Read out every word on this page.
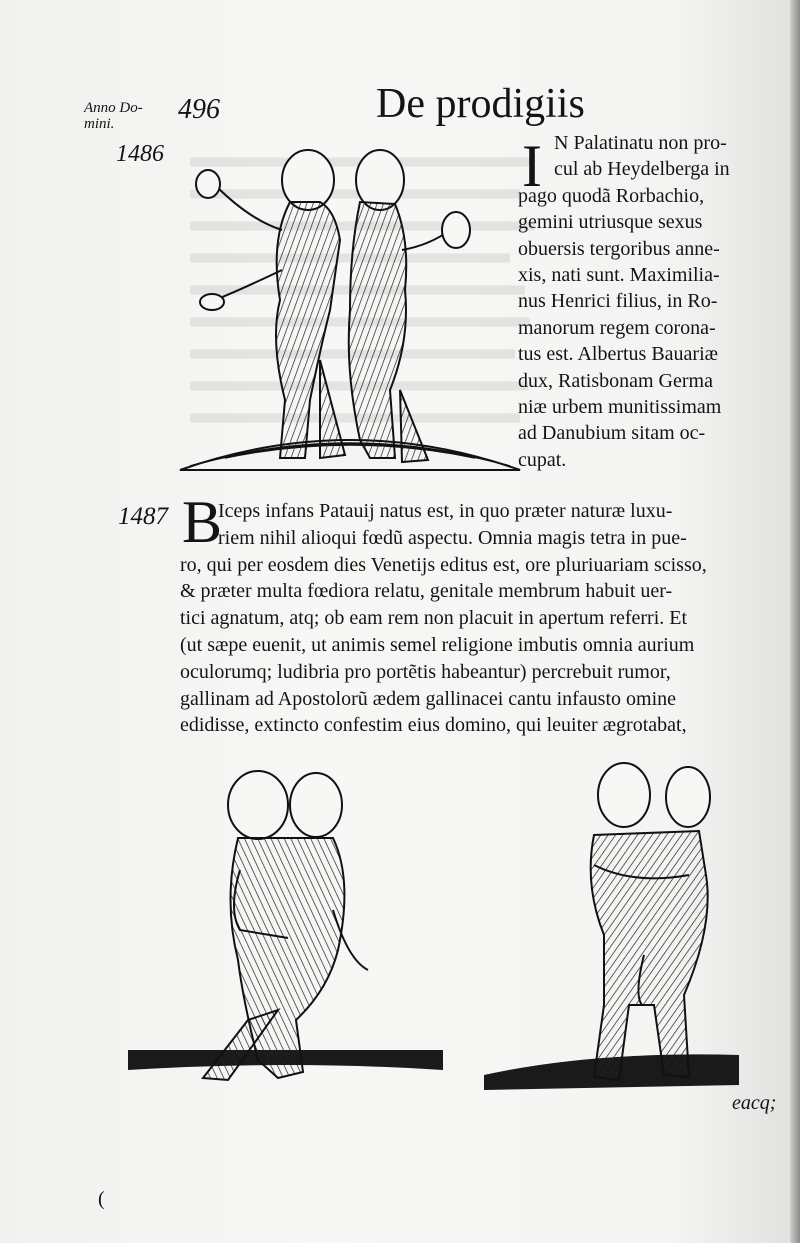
Anno Do-
mini.
1486
1487
496	De prodigiis
I N Palatinatu non pro-
cul ab Heydelberga in
pago quodã Rorbachio,
gemini utriusque sexus
obuersis tergoribus anne-
xis, nati sunt. Maximilia-
nus Henrici filius, in Ro-
manorum regem corona-
tus est. Albertus Bauariæ
dux, Ratisbonam Germa
niæ urbem munitissimam
ad Danubium sitam oc-
cupat.
B
Iceps infans Patauij natus est, in quo præter naturæ luxu-
riem nihil alioqui fœdũ aspectu. Omnia magis tetra in pue-
ro, qui per eosdem dies Venetijs editus est, ore pluriuariam scisso,
& præter multa fœdiora relatu, genitale membrum habuit uer-
tici agnatum, atq; ob eam rem non placuit in apertum referri. Et
(ut sæpe euenit, ut animis semel religione imbutis omnia aurium
oculorumq; ludibria pro portẽtis habeantur) percrebuit rumor,
gallinam ad Apostolorũ ædem gallinacei cantu infausto omine
edidisse, extincto confestim eius domino, qui leuiter ægrotabat,
eacq;
(
